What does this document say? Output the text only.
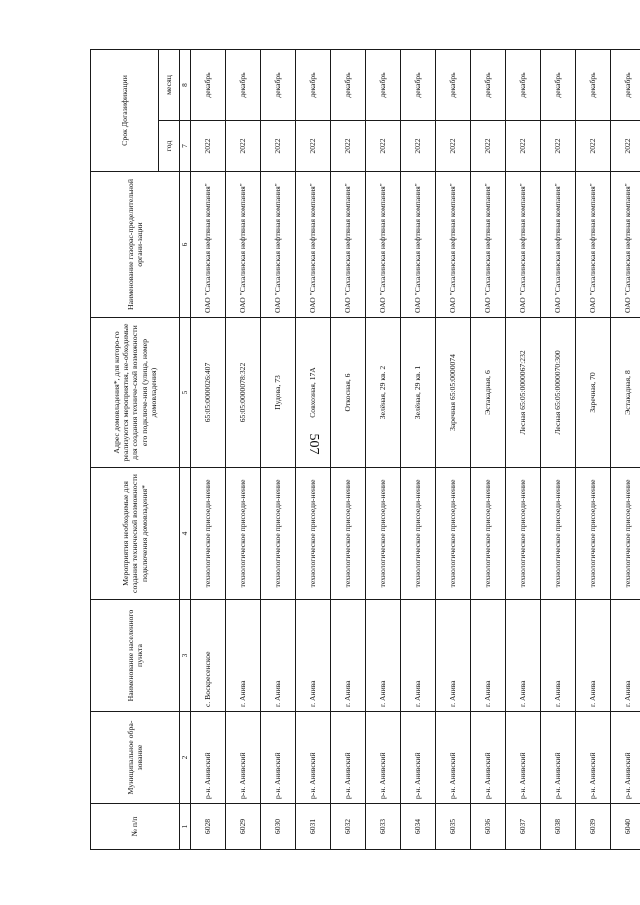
507
№ п/п	Муниципальное обра-зование	Наименование населенного пункта	Мероприятия необходимые для создания технической возможности подключения домовладения*	Адрес домовладения*, для которо-го реализуются мероприятия, не-обходимые для создания техниче-ской возможности его подключе-ния (улица, номер домовладения)	Наименование газорас-пределительной органи-зации	Срок Догазификации	
						год	месяц
1	2	3	4	5	6	7	8
6028	р-н. Анивский	с. Воскресенское	технологическое присоеди-нение	65:05:0000026:407	ОАО "Сахалинская нефтяная компания"	2022	декабрь
6029	р-н. Анивский	г. Анива	технологическое присоеди-нение	65:05:0000078:322	ОАО "Сахалинская нефтяная компания"	2022	декабрь
6030	р-н. Анивский	г. Анива	технологическое присоеди-нение	Пудова, 73	ОАО "Сахалинская нефтяная компания"	2022	декабрь
6031	р-н. Анивский	г. Анива	технологическое присоеди-нение	Совхозная, 17А	ОАО "Сахалинская нефтяная компания"	2022	декабрь
6032	р-н. Анивский	г. Анива	технологическое присоеди-нение	Откосная, 6	ОАО "Сахалинская нефтяная компания"	2022	декабрь
6033	р-н. Анивский	г. Анива	технологическое присоеди-нение	Зелёная, 29 кв. 2	ОАО "Сахалинская нефтяная компания"	2022	декабрь
6034	р-н. Анивский	г. Анива	технологическое присоеди-нение	Зелёная, 29 кв. 1	ОАО "Сахалинская нефтяная компания"	2022	декабрь
6035	р-н. Анивский	г. Анива	технологическое присоеди-нение	Заречная 65:05:0000074	ОАО "Сахалинская нефтяная компания"	2022	декабрь
6036	р-н. Анивский	г. Анива	технологическое присоеди-нение	Эстакадная, 6	ОАО "Сахалинская нефтяная компания"	2022	декабрь
6037	р-н. Анивский	г. Анива	технологическое присоеди-нение	Лесная 65:05:0000067:232	ОАО "Сахалинская нефтяная компания"	2022	декабрь
6038	р-н. Анивский	г. Анива	технологическое присоеди-нение	Лесная 65:05:0000070:300	ОАО "Сахалинская нефтяная компания"	2022	декабрь
6039	р-н. Анивский	г. Анива	технологическое присоеди-нение	Заречная, 70	ОАО "Сахалинская нефтяная компания"	2022	декабрь
6040	р-н. Анивский	г. Анива	технологическое присоеди-нение	Эстакадная, 8	ОАО "Сахалинская нефтяная компания"	2022	декабрь
